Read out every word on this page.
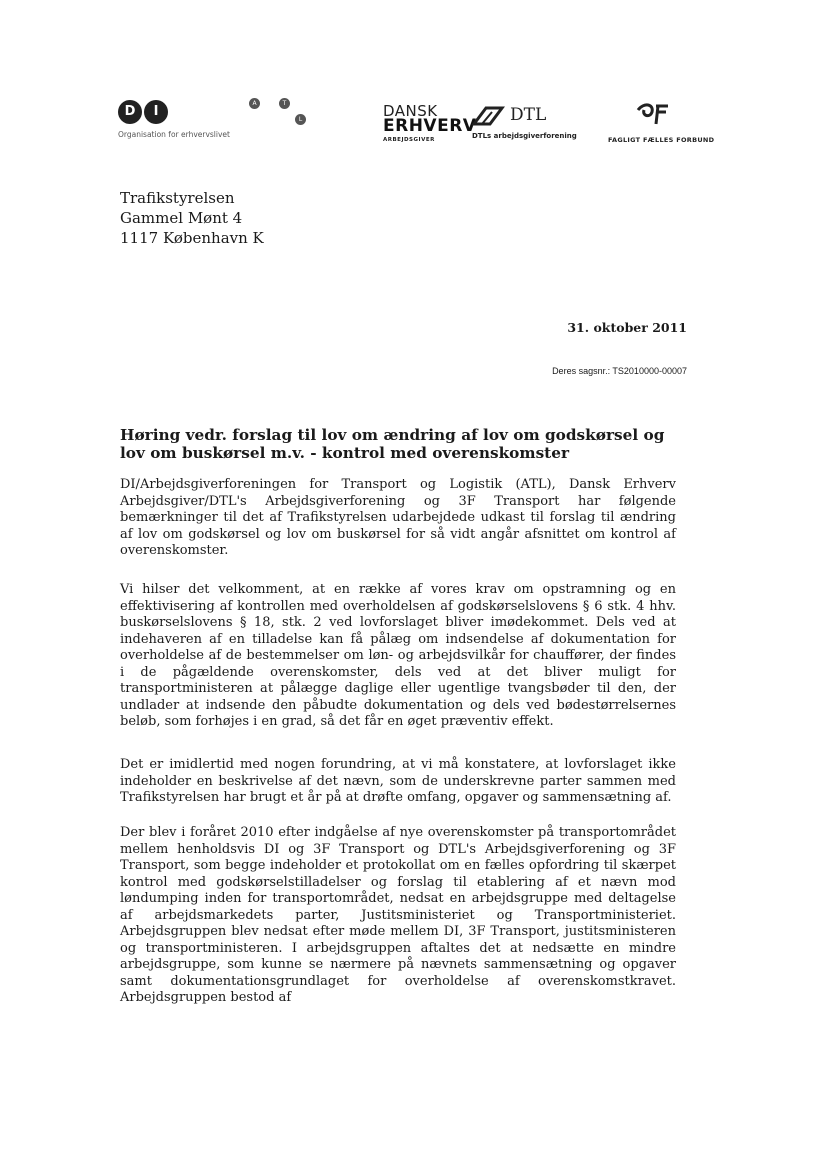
D I
Organisation for erhvervslivet
A	T
L	DANSK
ERHVERV
ARBEJDSGIVER
DTL
DTLs arbejdsgiverforening	FAGLIGT FÆLLES FORBUND
Trafikstyrelsen
Gammel Mønt 4
1117 København K
31. oktober 2011
Deres sagsnr.: TS2010000-00007
Høring vedr. forslag til lov om ændring af lov om godskørsel og lov om buskørsel m.v. - kontrol med overenskomster
DI/Arbejdsgiverforeningen for Transport og Logistik (ATL), Dansk Erhverv Arbejdsgiver/DTL's Arbejdsgiverforening og 3F Transport har følgende bemærkninger til det af Trafikstyrelsen udarbejdede udkast til forslag til ændring af lov om godskørsel og lov om buskørsel for så vidt angår afsnittet om kontrol af overenskomster.
Vi hilser det velkomment, at en række af vores krav om opstramning og en effektivisering af kontrollen med overholdelsen af godskørselslovens § 6 stk. 4 hhv. buskørselslovens § 18, stk. 2 ved lovforslaget bliver imødekommet. Dels ved at indehaveren af en tilladelse kan få pålæg om indsendelse af dokumentation for overholdelse af de bestemmelser om løn- og arbejdsvilkår for chauffører, der findes i de pågældende overenskomster, dels ved at det bliver muligt for transportministeren at pålægge daglige eller ugentlige tvangsbøder til den, der undlader at indsende den påbudte dokumentation og dels ved bødestørrelsernes beløb, som forhøjes i en grad, så det får en øget præventiv effekt.
Det er imidlertid med nogen forundring, at vi må konstatere, at lovforslaget ikke indeholder en beskrivelse af det nævn, som de underskrevne parter sammen med Trafikstyrelsen har brugt et år på at drøfte omfang, opgaver og sammensætning af.
Der blev i foråret 2010 efter indgåelse af nye overenskomster på transportområdet mellem henholdsvis DI og 3F Transport og DTL's Arbejdsgiverforening og 3F Transport, som begge indeholder et protokollat om en fælles opfordring til skærpet kontrol med godskørselstilladelser og forslag til etablering af et nævn mod løndumping inden for transportområdet, nedsat en arbejdsgruppe med deltagelse af arbejdsmarkedets parter, Justitsministeriet og Transportministeriet. Arbejdsgruppen blev nedsat efter møde mellem DI, 3F Transport, justitsministeren og transportministeren. I arbejdsgruppen aftaltes det at nedsætte en mindre arbejdsgruppe, som kunne se nærmere på nævnets sammensætning og opgaver samt dokumentationsgrundlaget for overholdelse af overenskomstkravet. Arbejdsgruppen bestod af
